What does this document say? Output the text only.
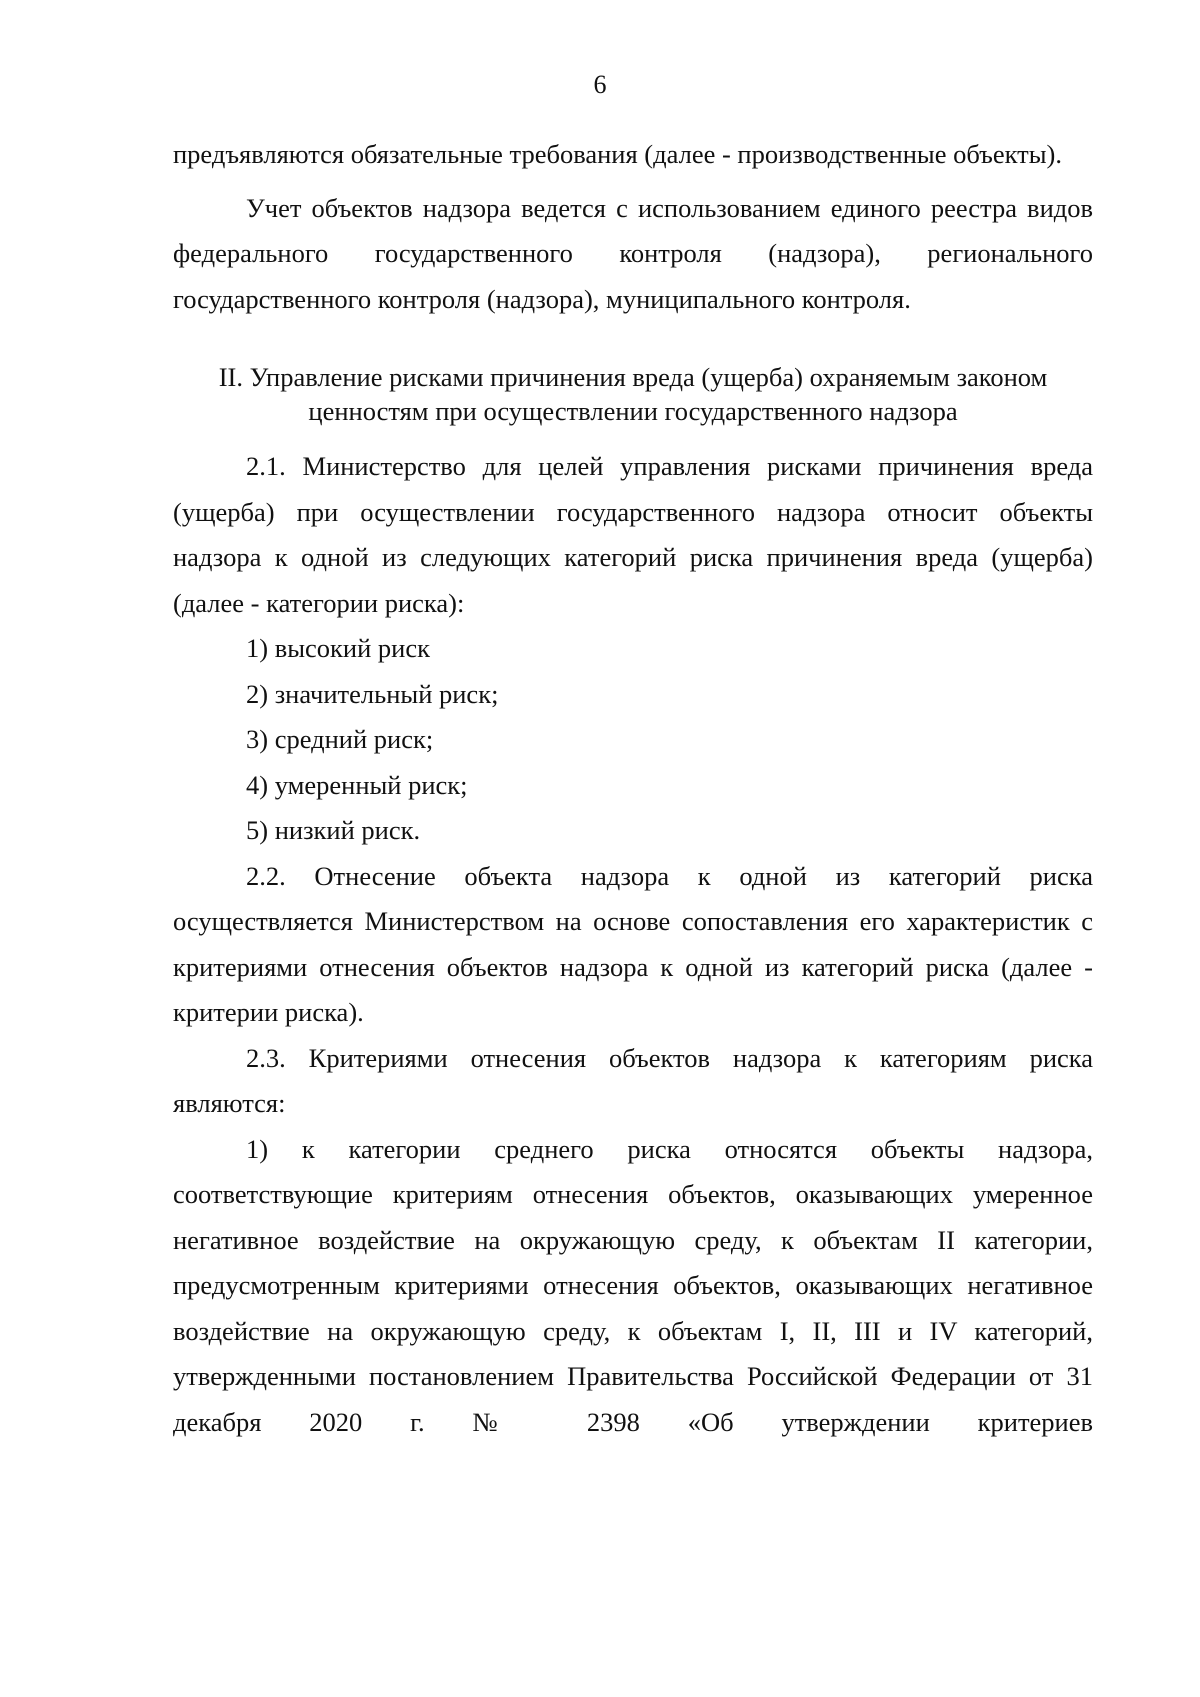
6

предъявляются обязательные требования (далее - производственные объекты).

Учет объектов надзора ведется с использованием единого реестра видов федерального государственного контроля (надзора), регионального государственного контроля (надзора), муниципального контроля.

II. Управление рисками причинения вреда (ущерба) охраняемым законом
ценностям при осуществлении государственного надзора

2.1. Министерство для целей управления рисками причинения вреда (ущерба) при осуществлении государственного надзора относит объекты надзора к одной из следующих категорий риска причинения вреда (ущерба) (далее - категории риска):

1) высокий риск

2) значительный риск;

3) средний риск;

4) умеренный риск;

5) низкий риск.

2.2. Отнесение объекта надзора к одной из категорий риска осуществляется Министерством на основе сопоставления его характеристик с критериями отнесения объектов надзора к одной из категорий риска (далее - критерии риска).

2.3. Критериями отнесения объектов надзора к категориям риска являются:

1) к категории среднего риска относятся объекты надзора, соответствующие критериям отнесения объектов, оказывающих умеренное негативное воздействие на окружающую среду, к объектам II категории, предусмотренным критериями отнесения объектов, оказывающих негативное воздействие на окружающую среду, к объектам I, II, III и IV категорий, утвержденными постановлением Правительства Российской Федерации от 31 декабря 2020 г. № 2398 «Об утверждении критериев
